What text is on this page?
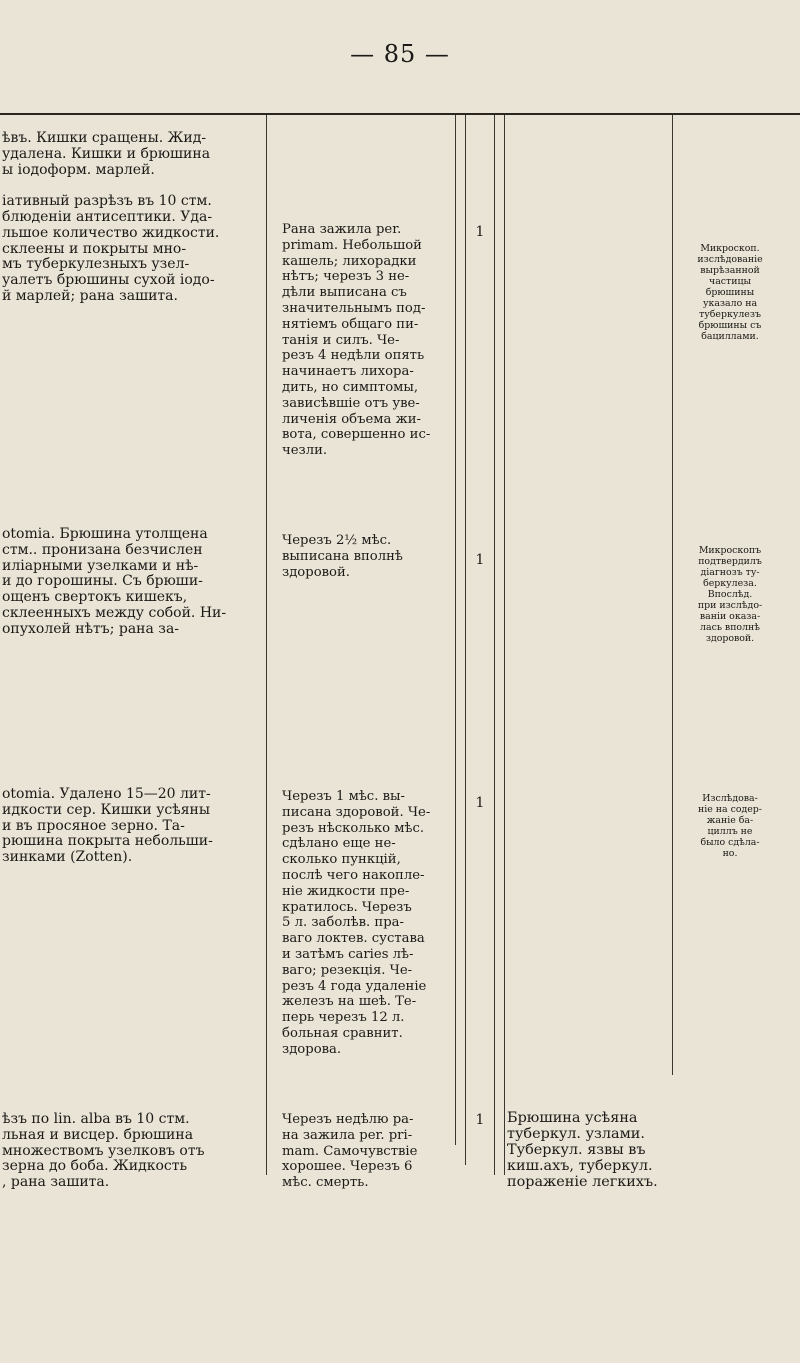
— 85 —
ѣвъ. Кишки сращены. Жид-
удалена. Кишки и брюшина
ы іодоформ. марлей.

іативный разрѣзъ въ 10 стм.
блюденіи антисептики. Уда-
льшое количество жидкости.
склеены и покрыты мно-
мъ туберкулезныхъ узел-
уалетъ брюшины сухой іодо-
й марлей; рана зашита.
Рана зажила per.
primam. Небольшой
кашель; лихорадки
нѣтъ; черезъ 3 не-
дѣли выписана съ
значительнымъ под-
нятіемъ общаго пи-
танія и силъ. Че-
резъ 4 недѣли опять
начинаетъ лихора-
дить, но симптомы,
зависѣвшіе отъ уве-
личенія объема жи-
вота, совершенно ис-
чезли.
1
Микроскоп.
изслѣдованіе
вырѣзанной
частицы
брюшины
указало на
туберкулезъ
брюшины съ
бациллами.
otomia. Брюшина утолщена
стм.. пронизана безчислен
иліарными узелками и нѣ-
и до горошины. Съ брюши-
ощенъ свертокъ кишекъ,
склеенныхъ между собой. Ни-
опухолей нѣтъ; рана за-
Черезъ 2½ мѣс.
выписана вполнѣ
здоровой.
1
Микроскопъ
подтвердилъ
діагнозъ ту-
беркулеза.
Впослѣд.
при изслѣдо-
ваніи оказа-
лась вполнѣ
здоровой.
otomia. Удалено 15—20 лит-
идкости сер. Кишки усѣяны
и въ просяное зерно. Та-
рюшина покрыта небольши-
зинками (Zotten).
Черезъ 1 мѣс. вы-
писана здоровой. Че-
резъ нѣсколько мѣс.
сдѣлано еще не-
сколько пункцій,
послѣ чего накопле-
ніе жидкости пре-
кратилось. Черезъ
5 л. заболѣв. пра-
ваго локтев. сустава
и затѣмъ caries лѣ-
ваго; резекція. Че-
резъ 4 года удаленіе
железъ на шеѣ. Те-
перь черезъ 12 л.
больная сравнит.
здорова.
1	Изслѣдова-
ніе на содер-
жаніе ба-
циллъ не
было сдѣла-
но.
ѣзъ по lin. alba въ 10 стм.
льная и висцер. брюшина
множествомъ узелковъ отъ
зерна до боба. Жидкость
, рана зашита.
Черезъ недѣлю ра-
на зажила per. pri-
mam. Самочувствіе
хорошее. Черезъ 6
мѣс. смерть.
1 Брюшина усѣяна
туберкул. узлами.
Туберкул. язвы въ
киш.ахъ, туберкул.
пораженіе легкихъ.
